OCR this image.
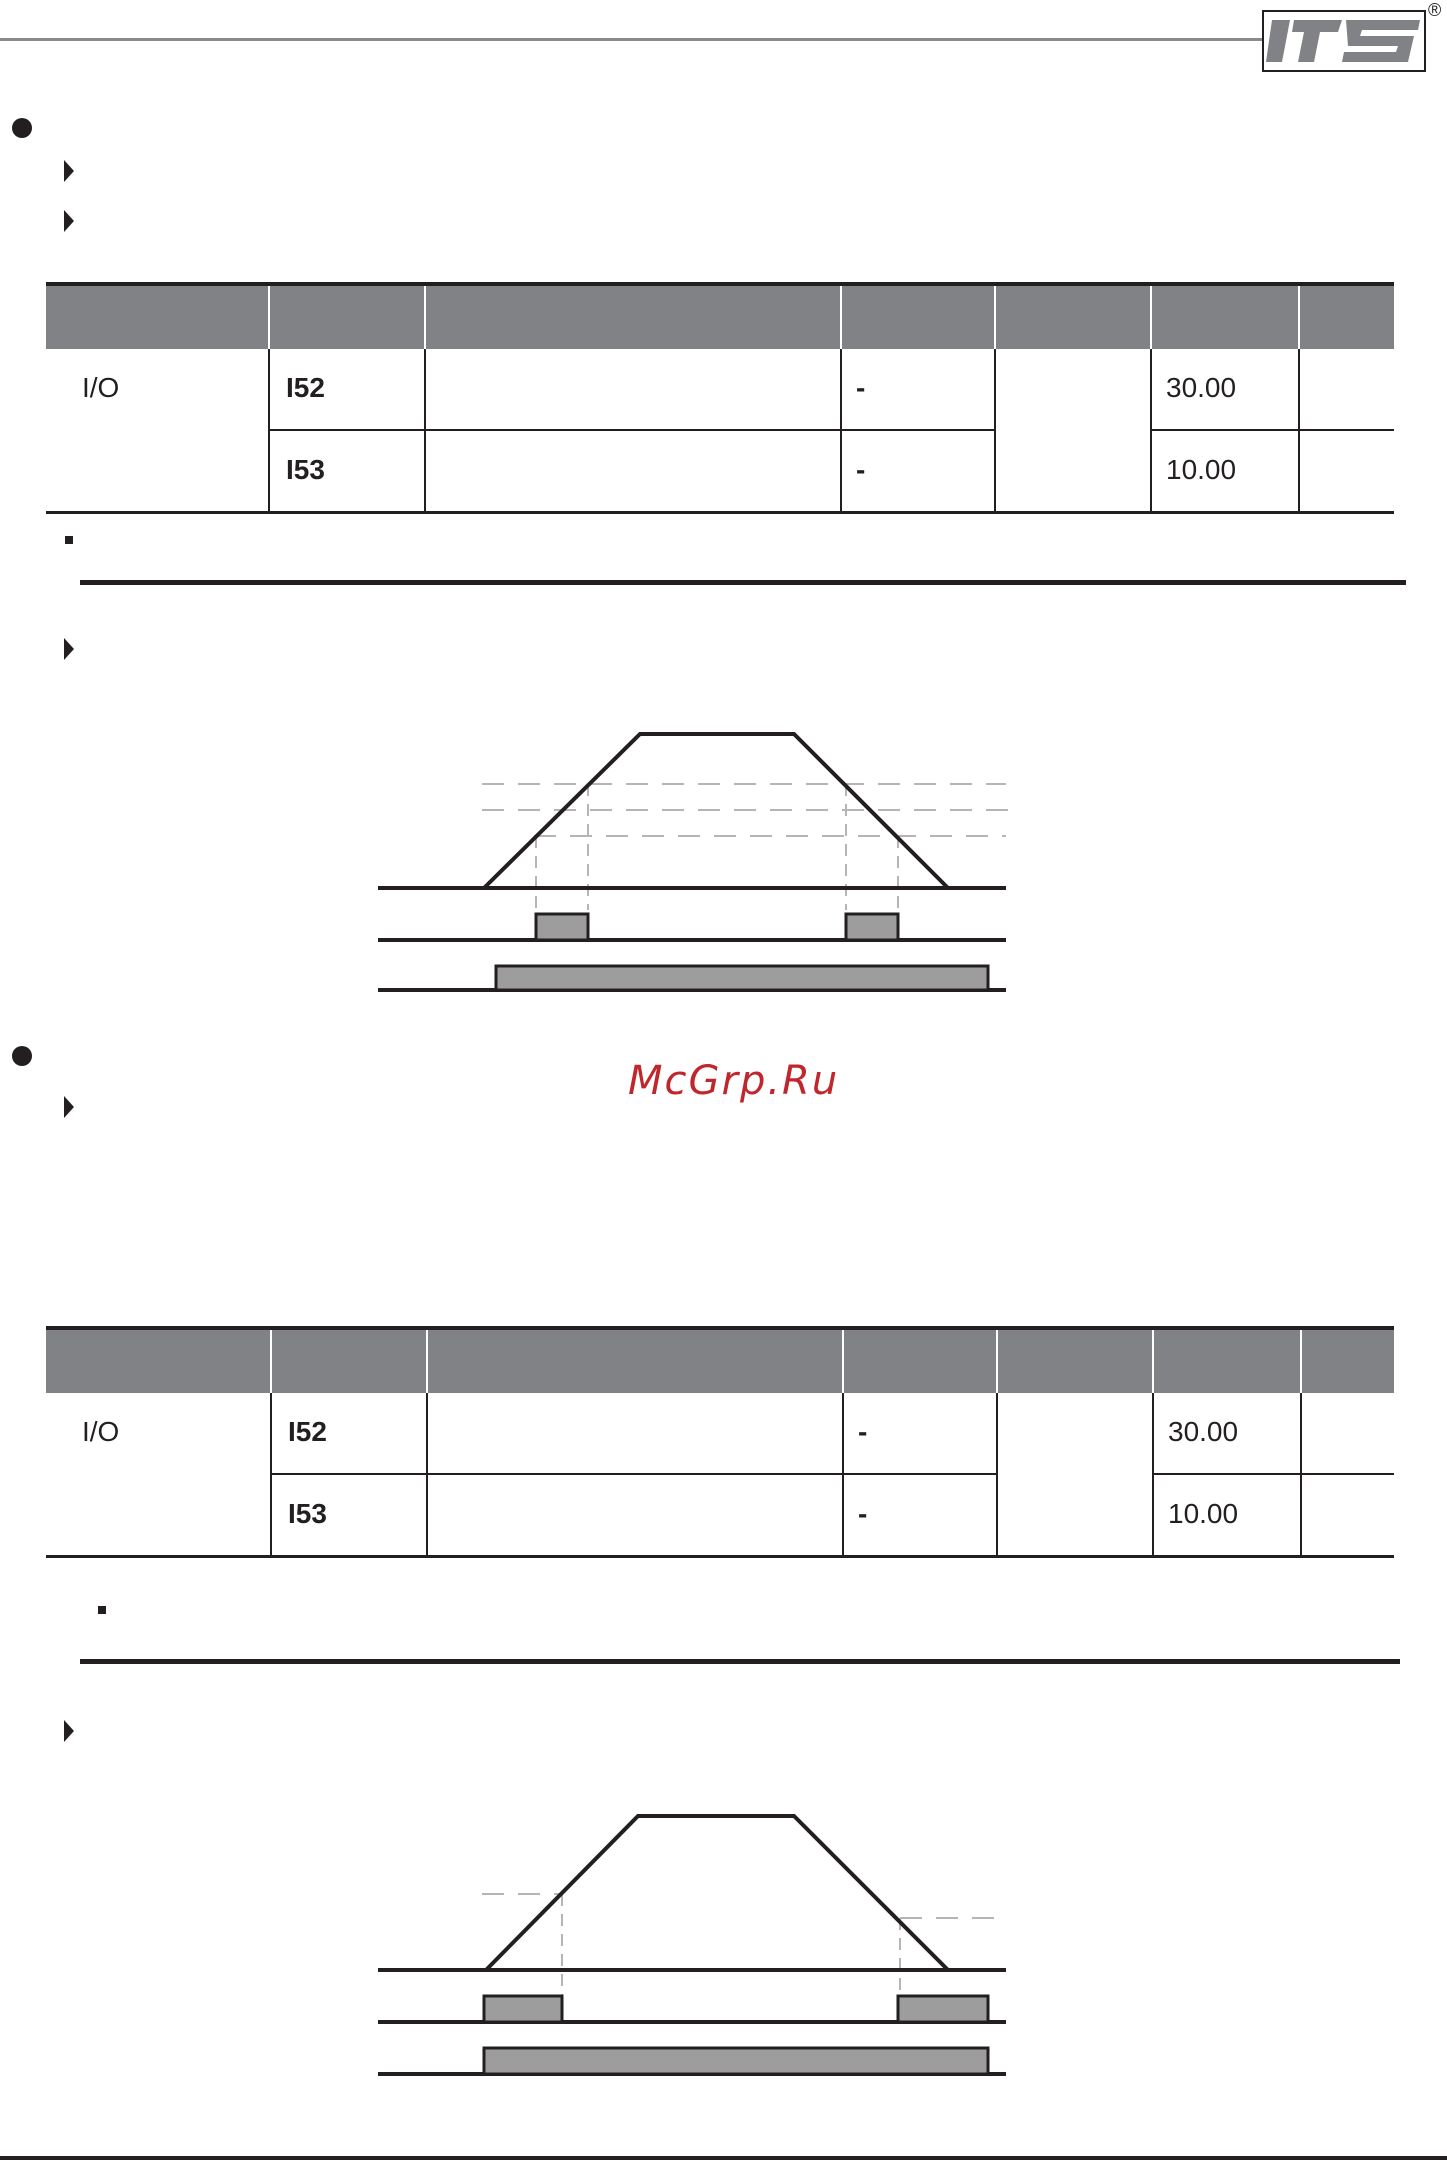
®
I/O	I52	-	30.00
I53	-	10.00
McGrp.Ru
I/O	I52	-	30.00
I53	-	10.00
